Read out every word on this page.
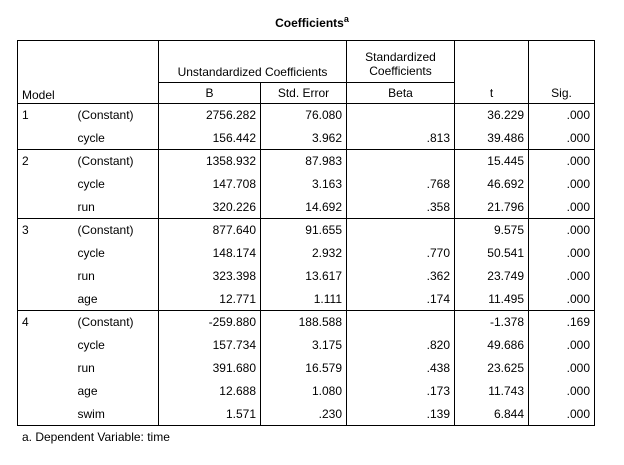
Coefficients$^a$
		Unstandardized Coefficients		Standardized
Coefficients		
Model		B	Std. Error	Beta	t	Sig.
1	(Constant)	2756.282	76.080		36.229	.000
	cycle	156.442	3.962	.813	39.486	.000
2	(Constant)	1358.932	87.983		15.445	.000
	cycle	147.708	3.163	.768	46.692	.000
	run	320.226	14.692	.358	21.796	.000
3	(Constant)	877.640	91.655		9.575	.000
	cycle	148.174	2.932	.770	50.541	.000
	run	323.398	13.617	.362	23.749	.000
	age	12.771	1.111	.174	11.495	.000
4	(Constant)	-259.880	188.588		-1.378	.169
	cycle	157.734	3.175	.820	49.686	.000
	run	391.680	16.579	.438	23.625	.000
	age	12.688	1.080	.173	11.743	.000
	swim	1.571	.230	.139	6.844	.000
a. Dependent Variable: time
